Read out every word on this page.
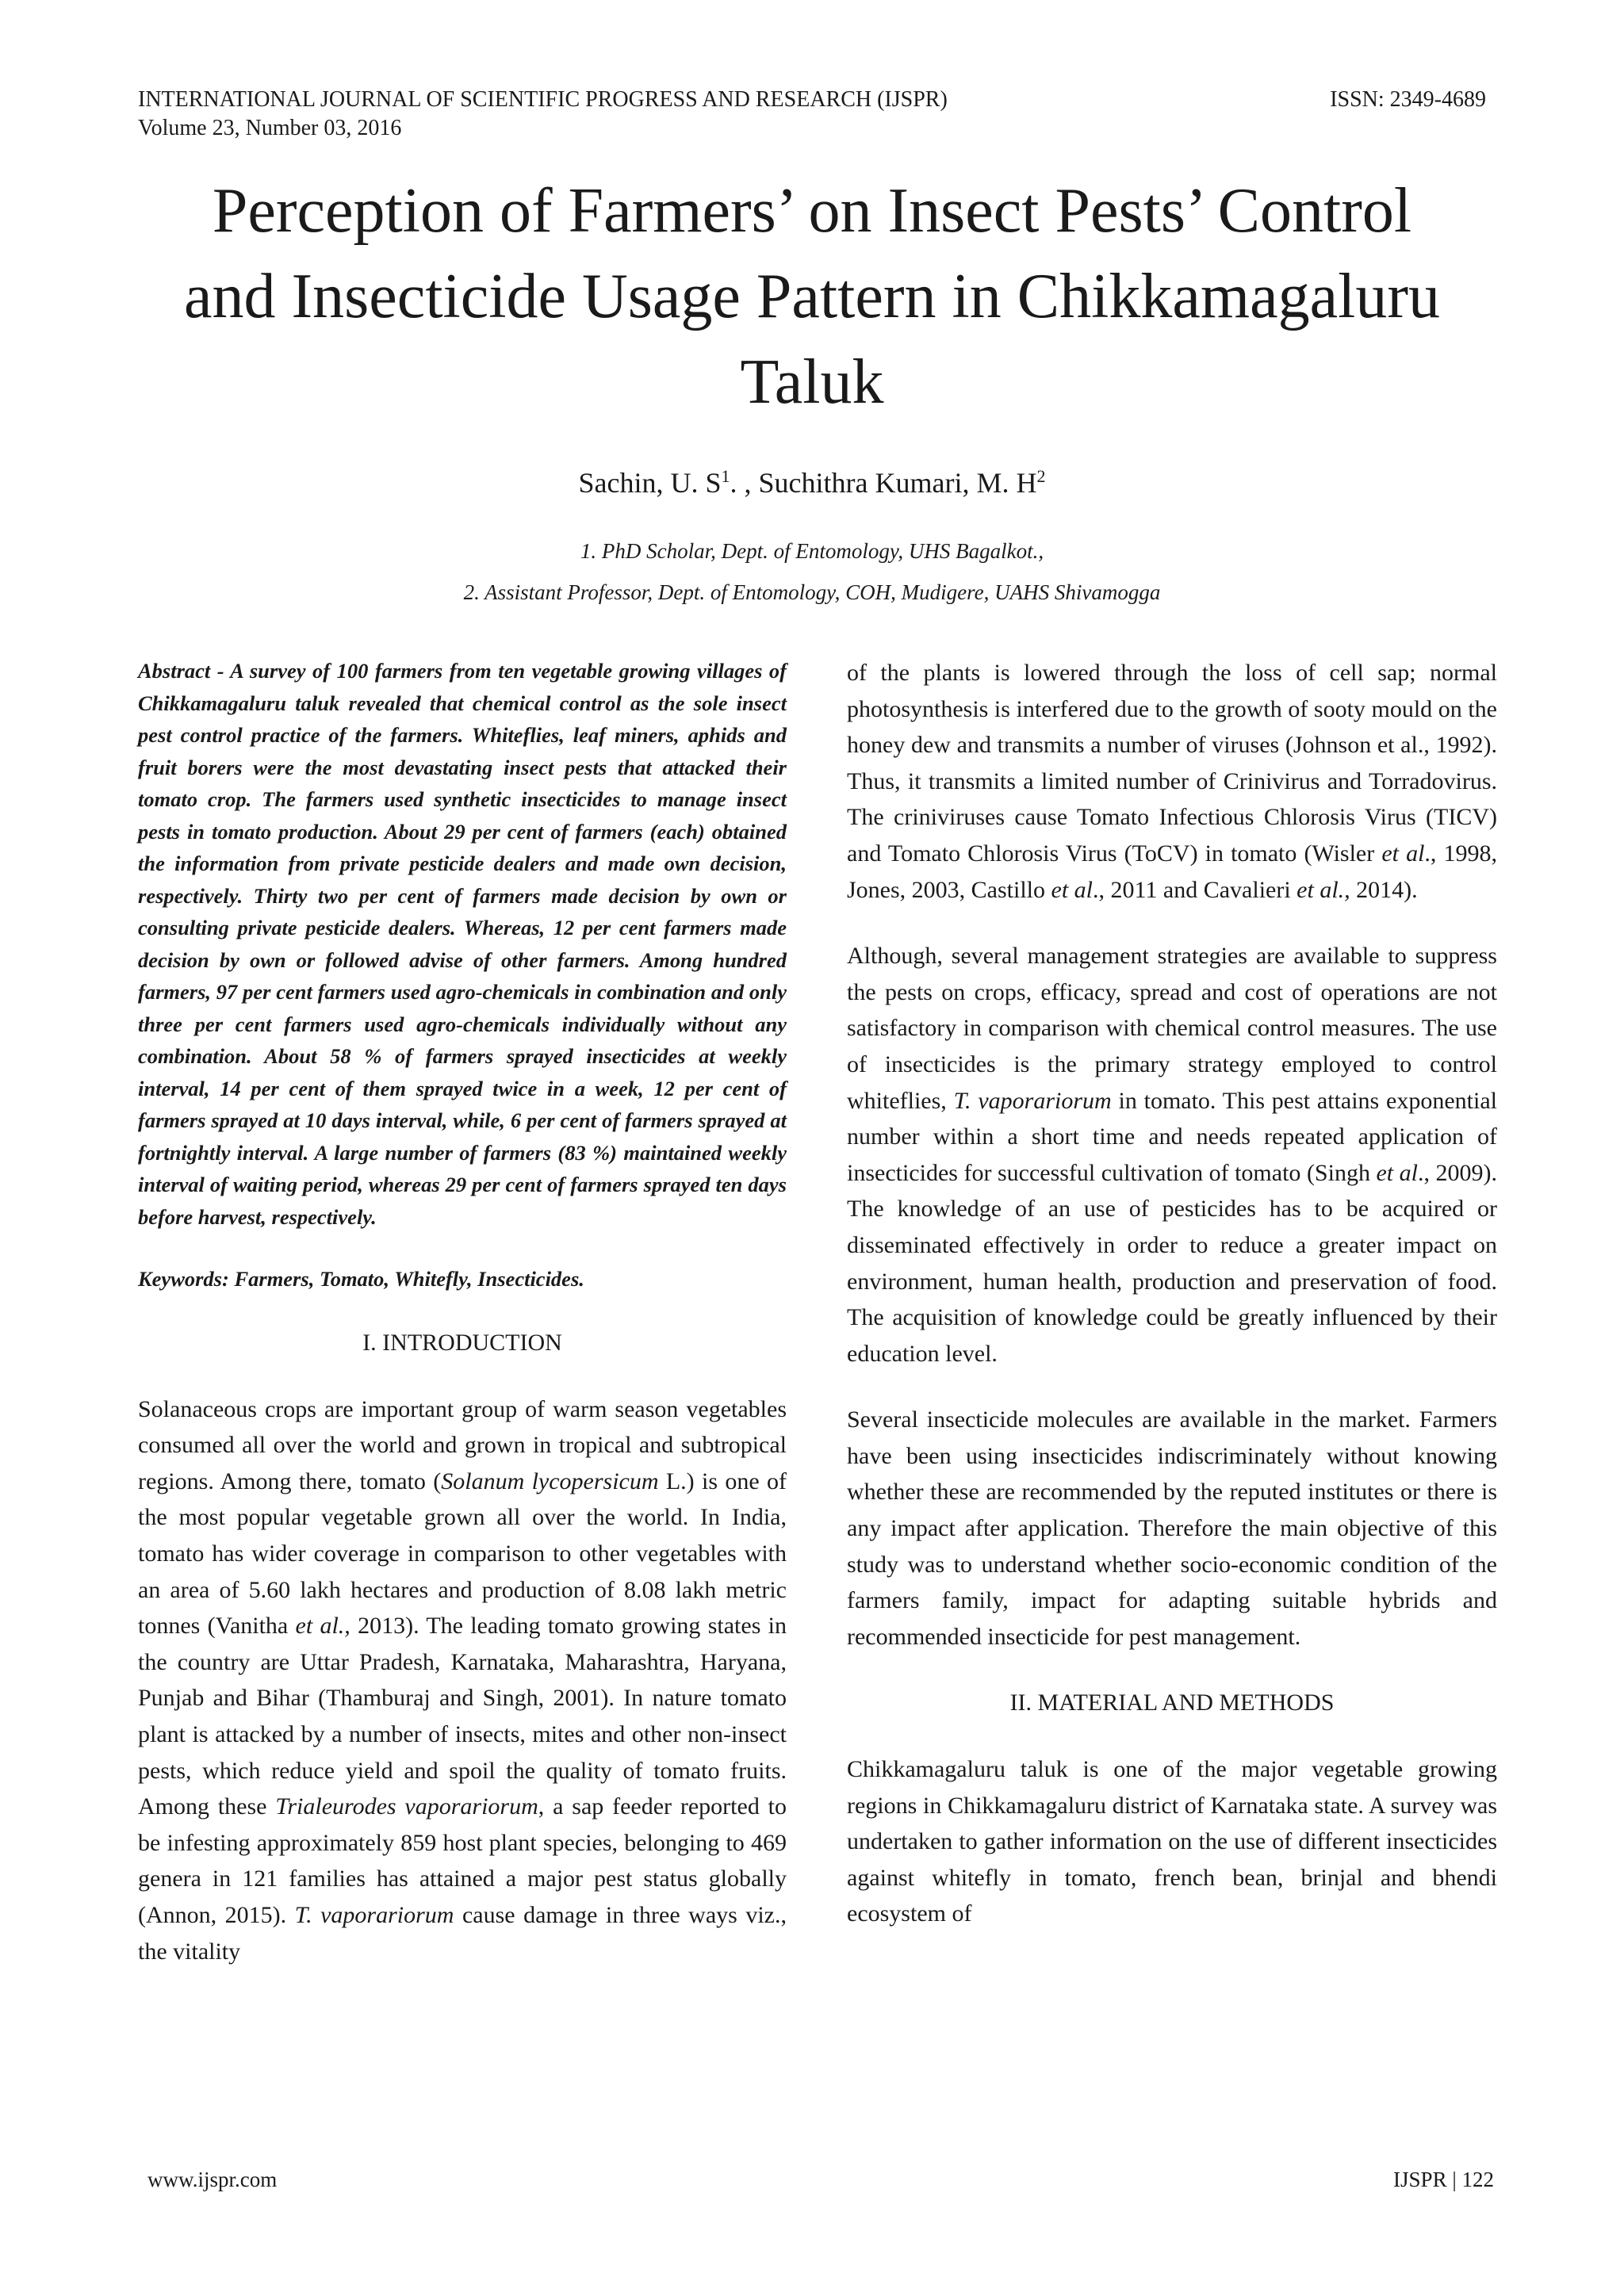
INTERNATIONAL JOURNAL OF SCIENTIFIC PROGRESS AND RESEARCH (IJSPR)
Volume 23, Number 03, 2016
ISSN: 2349-4689
Perception of Farmers’ on Insect Pests’ Control
and Insecticide Usage Pattern in Chikkamagaluru
Taluk
Sachin, U. $S^1$. , Suchithra Kumari, M. $H^2$
1. PhD Scholar, Dept. of Entomology, UHS Bagalkot.,
2. Assistant Professor, Dept. of Entomology, COH, Mudigere, UAHS Shivamogga

Abstract - A survey of 100 farmers from ten vegetable growing villages of Chikkamagaluru taluk revealed that chemical control as the sole insect pest control practice of the farmers. Whiteflies, leaf miners, aphids and fruit borers were the most devastating insect pests that attacked their tomato crop. The farmers used synthetic insecticides to manage insect pests in tomato production. About 29 per cent of farmers (each) obtained the information from private pesticide dealers and made own decision, respectively. Thirty two per cent of farmers made decision by own or consulting private pesticide dealers. Whereas, 12 per cent farmers made decision by own or followed advise of other farmers. Among hundred farmers, 97 per cent farmers used agro-chemicals in combination and only three per cent farmers used agro-chemicals individually without any combination. About 58 % of farmers sprayed insecticides at weekly interval, 14 per cent of them sprayed twice in a week, 12 per cent of farmers sprayed at 10 days interval, while, 6 per cent of farmers sprayed at fortnightly interval. A large number of farmers (83 %) maintained weekly interval of waiting period, whereas 29 per cent of farmers sprayed ten days before harvest, respectively.

Keywords: Farmers, Tomato, Whitefly, Insecticides.

I. INTRODUCTION

Solanaceous crops are important group of warm season vegetables consumed all over the world and grown in tropical and subtropical regions. Among there, tomato (Solanum lycopersicum L.) is one of the most popular vegetable grown all over the world. In India, tomato has wider coverage in comparison to other vegetables with an area of 5.60 lakh hectares and production of 8.08 lakh metric tonnes (Vanitha et al., 2013). The leading tomato growing states in the country are Uttar Pradesh, Karnataka, Maharashtra, Haryana, Punjab and Bihar (Thamburaj and Singh, 2001). In nature tomato plant is attacked by a number of insects, mites and other non-insect pests, which reduce yield and spoil the quality of tomato fruits. Among these Trialeurodes vaporariorum, a sap feeder reported to be infesting approximately 859 host plant species, belonging to 469 genera in 121 families has attained a major pest status globally (Annon, 2015). T. vaporariorum cause damage in three ways viz., the vitality

of the plants is lowered through the loss of cell sap; normal photosynthesis is interfered due to the growth of sooty mould on the honey dew and transmits a number of viruses (Johnson et al., 1992). Thus, it transmits a limited number of Crinivirus and Torradovirus. The criniviruses cause Tomato Infectious Chlorosis Virus (TICV) and Tomato Chlorosis Virus (ToCV) in tomato (Wisler et al., 1998, Jones, 2003, Castillo et al., 2011 and Cavalieri et al., 2014).

Although, several management strategies are available to suppress the pests on crops, efficacy, spread and cost of operations are not satisfactory in comparison with chemical control measures. The use of insecticides is the primary strategy employed to control whiteflies, T. vaporariorum in tomato. This pest attains exponential number within a short time and needs repeated application of insecticides for successful cultivation of tomato (Singh et al., 2009). The knowledge of an use of pesticides has to be acquired or disseminated effectively in order to reduce a greater impact on environment, human health, production and preservation of food. The acquisition of knowledge could be greatly influenced by their education level.

Several insecticide molecules are available in the market. Farmers have been using insecticides indiscriminately without knowing whether these are recommended by the reputed institutes or there is any impact after application. Therefore the main objective of this study was to understand whether socio-economic condition of the farmers family, impact for adapting suitable hybrids and recommended insecticide for pest management.

II. MATERIAL AND METHODS

Chikkamagaluru taluk is one of the major vegetable growing regions in Chikkamagaluru district of Karnataka state. A survey was undertaken to gather information on the use of different insecticides against whitefly in tomato, french bean, brinjal and bhendi ecosystem of

www.ijspr.com	IJSPR | 122
